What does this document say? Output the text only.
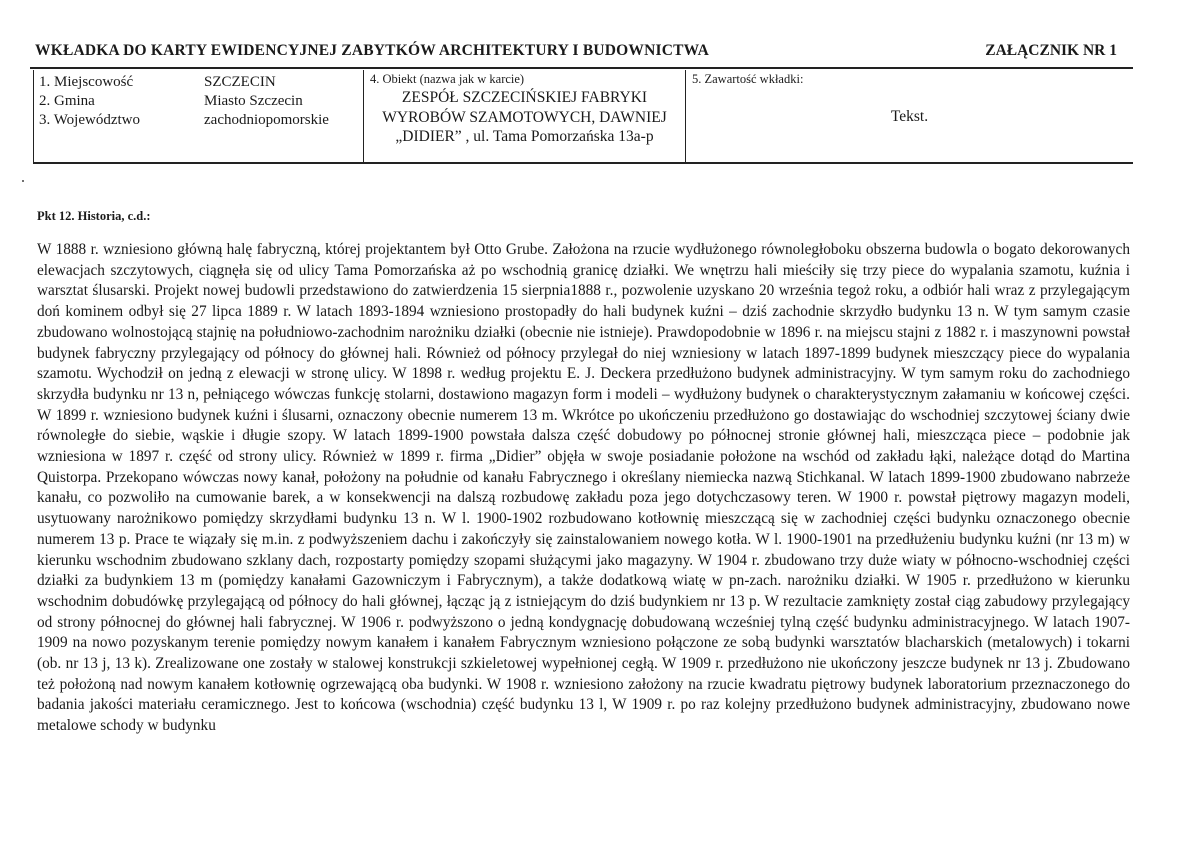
WKŁADKA DO KARTY EWIDENCYJNEJ ZABYTKÓW ARCHITEKTURY I BUDOWNICTWA	ZAŁĄCZNIK NR 1
1. Miejscowość	SZCZECIN
2. Gmina	Miasto Szczecin
3. Województwo	zachodniopomorskie
4. Obiekt (nazwa jak w karcie)
ZESPÓŁ SZCZECIŃSKIEJ FABRYKI WYROBÓW SZAMOTOWYCH, DAWNIEJ „DIDIER” , ul. Tama Pomorzańska 13a-p
5. Zawartość wkładki:
Tekst.
Pkt 12. Historia, c.d.:

W 1888 r. wzniesiono główną halę fabryczną, której projektantem był Otto Grube. Założona na rzucie wydłużonego równoległoboku obszerna budowla o bogato dekorowanych elewacjach szczytowych, ciągnęła się od ulicy Tama Pomorzańska aż po wschodnią granicę działki. We wnętrzu hali mieściły się trzy piece do wypalania szamotu, kuźnia i warsztat ślusarski. Projekt nowej budowli przedstawiono do zatwierdzenia 15 sierpnia1888 r., pozwolenie uzyskano 20 września tegoż roku, a odbiór hali wraz z przylegającym doń kominem odbył się 27 lipca 1889 r. W latach 1893-1894 wzniesiono prostopadły do hali budynek kuźni – dziś zachodnie skrzydło budynku 13 n. W tym samym czasie zbudowano wolnostojącą stajnię na południowo-zachodnim narożniku działki (obecnie nie istnieje). Prawdopodobnie w 1896 r. na miejscu stajni z 1882 r. i maszynowni powstał budynek fabryczny przylegający od północy do głównej hali. Również od północy przylegał do niej wzniesiony w latach 1897-1899 budynek mieszczący piece do wypalania szamotu. Wychodził on jedną z elewacji w stronę ulicy. W 1898 r. według projektu E. J. Deckera przedłużono budynek administracyjny. W tym samym roku do zachodniego skrzydła budynku nr 13 n, pełniącego wówczas funkcję stolarni, dostawiono magazyn form i modeli – wydłużony budynek o charakterystycznym załamaniu w końcowej części. W 1899 r. wzniesiono budynek kuźni i ślusarni, oznaczony obecnie numerem 13 m. Wkrótce po ukończeniu przedłużono go dostawiając do wschodniej szczytowej ściany dwie równoległe do siebie, wąskie i długie szopy. W latach 1899-1900 powstała dalsza część dobudowy po północnej stronie głównej hali, mieszcząca piece – podobnie jak wzniesiona w 1897 r. część od strony ulicy. Również w 1899 r. firma „Didier” objęła w swoje posiadanie położone na wschód od zakładu łąki, należące dotąd do Martina Quistorpa. Przekopano wówczas nowy kanał, położony na południe od kanału Fabrycznego i określany niemiecka nazwą Stichkanal. W latach 1899-1900 zbudowano nabrzeże kanału, co pozwoliło na cumowanie barek, a w konsekwencji na dalszą rozbudowę zakładu poza jego dotychczasowy teren. W 1900 r. powstał piętrowy magazyn modeli, usytuowany narożnikowo pomiędzy skrzydłami budynku 13 n. W l. 1900-1902 rozbudowano kotłownię mieszczącą się w zachodniej części budynku oznaczonego obecnie numerem 13 p. Prace te wiązały się m.in. z podwyższeniem dachu i zakończyły się zainstalowaniem nowego kotła. W l. 1900-1901 na przedłużeniu budynku kuźni (nr 13 m) w kierunku wschodnim zbudowano szklany dach, rozpostarty pomiędzy szopami służącymi jako magazyny. W 1904 r. zbudowano trzy duże wiaty w północno-wschodniej części działki za budynkiem 13 m (pomiędzy kanałami Gazowniczym i Fabrycznym), a także dodatkową wiatę w pn-zach. narożniku działki. W 1905 r. przedłużono w kierunku wschodnim dobudówkę przylegającą od północy do hali głównej, łącząc ją z istniejącym do dziś budynkiem nr 13 p. W rezultacie zamknięty został ciąg zabudowy przylegający od strony północnej do głównej hali fabrycznej. W 1906 r. podwyższono o jedną kondygnację dobudowaną wcześniej tylną część budynku administracyjnego. W latach 1907-1909 na nowo pozyskanym terenie pomiędzy nowym kanałem i kanałem Fabrycznym wzniesiono połączone ze sobą budynki warsztatów blacharskich (metalowych) i tokarni (ob. nr 13 j, 13 k). Zrealizowane one zostały w stalowej konstrukcji szkieletowej wypełnionej cegłą. W 1909 r. przedłużono nie ukończony jeszcze budynek nr 13 j. Zbudowano też położoną nad nowym kanałem kotłownię ogrzewającą oba budynki. W 1908 r. wzniesiono założony na rzucie kwadratu piętrowy budynek laboratorium przeznaczonego do badania jakości materiału ceramicznego. Jest to końcowa (wschodnia) część budynku 13 l, W 1909 r. po raz kolejny przedłużono budynek administracyjny, zbudowano nowe metalowe schody w budynku
